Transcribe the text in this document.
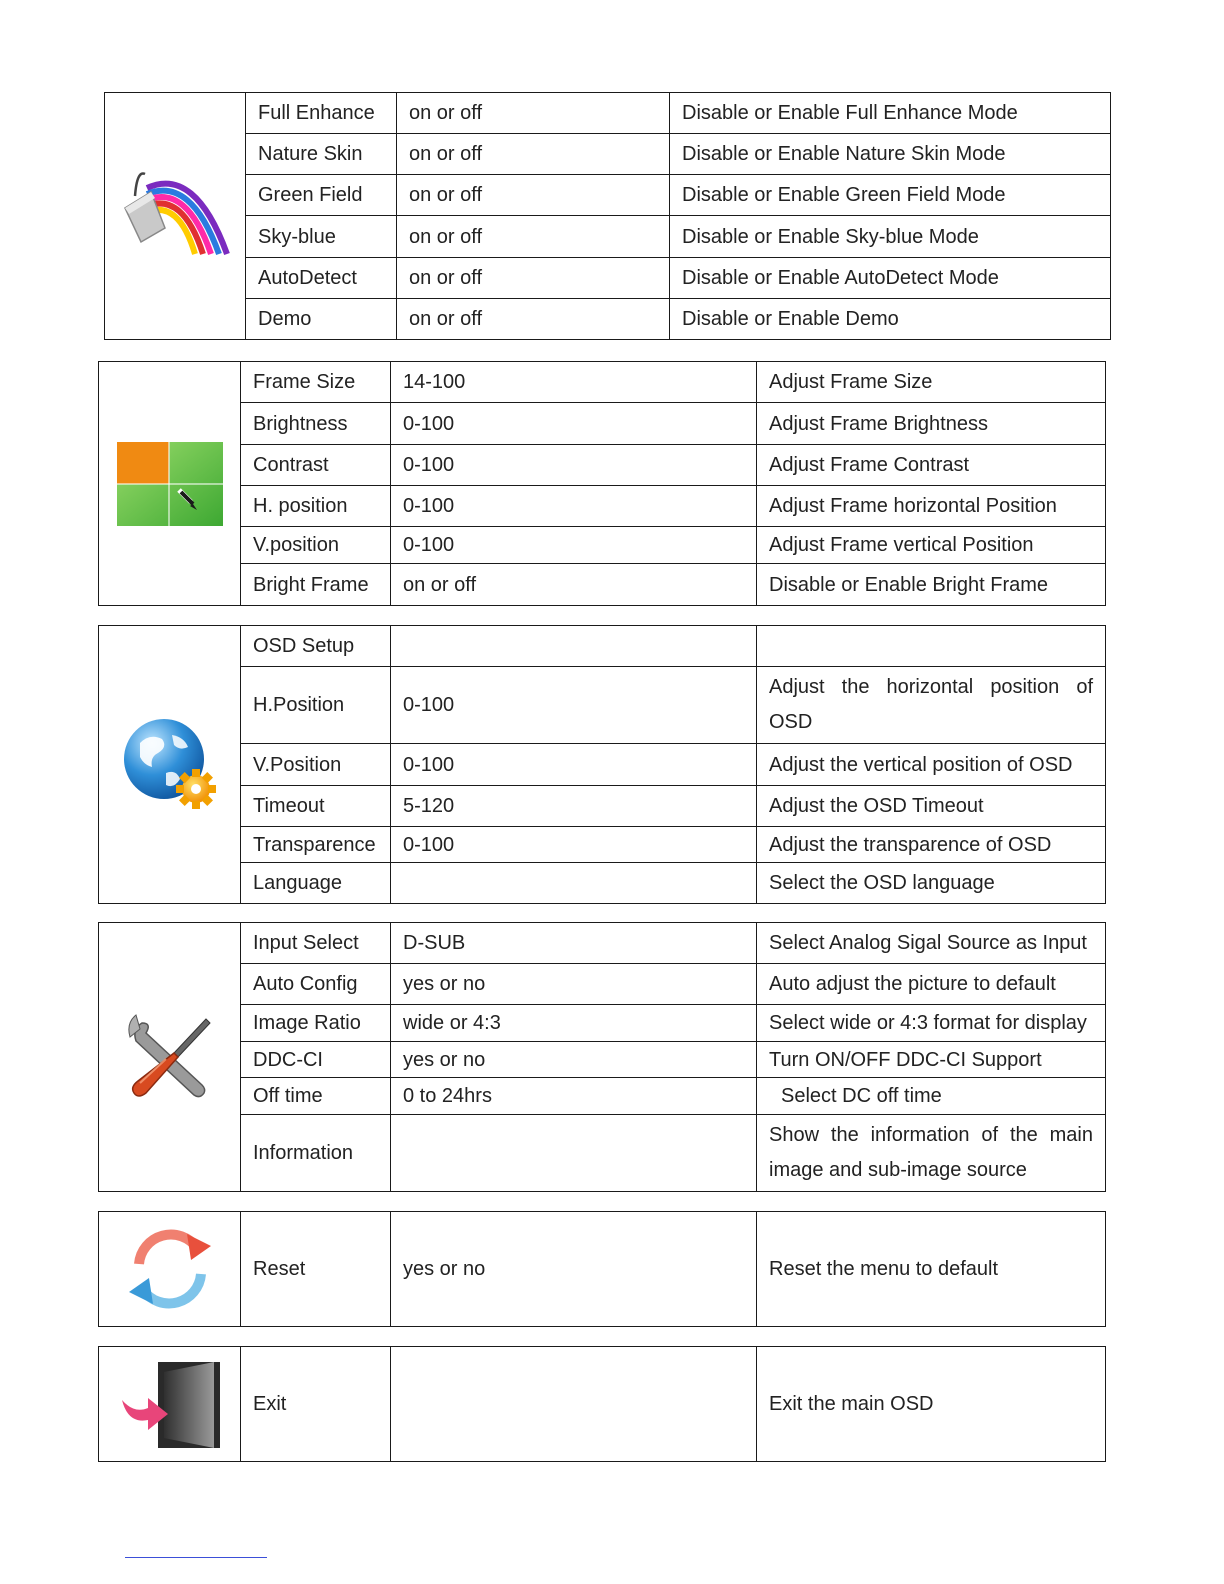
	Full Enhance	on or off	Disable or Enable Full Enhance Mode
	Nature Skin	on or off	Disable or Enable Nature Skin Mode
	Green Field	on or off	Disable or Enable Green Field Mode
	Sky-blue	on or off	Disable or Enable Sky-blue Mode
	AutoDetect	on or off	Disable or Enable AutoDetect Mode
	Demo	on or off	Disable or Enable Demo
	Frame Size	14-100	Adjust Frame Size
	Brightness	0-100	Adjust Frame Brightness
	Contrast	0-100	Adjust Frame Contrast
	H. position	0-100	Adjust Frame horizontal Position
	V.position	0-100	Adjust Frame vertical Position
	Bright Frame	on or off	Disable or Enable Bright Frame
	OSD Setup		
	H.Position	0-100	Adjust the horizontal position of OSD
	V.Position	0-100	Adjust the vertical position of OSD
	Timeout	5-120	Adjust the OSD Timeout
	Transparence	0-100	Adjust the transparence of OSD
	Language		Select the OSD language
	Input Select	D-SUB	Select Analog Sigal Source as Input
	Auto Config	yes or no	Auto adjust the picture to default
	Image Ratio	wide or 4:3	Select wide or 4:3 format for display
	DDC-CI	yes or no	Turn ON/OFF DDC-CI Support
	Off time	0 to 24hrs	Select DC off time
	Information		Show the information of the main image and sub-image source
	Reset	yes or no	Reset the menu to default
	Exit		Exit the main OSD
